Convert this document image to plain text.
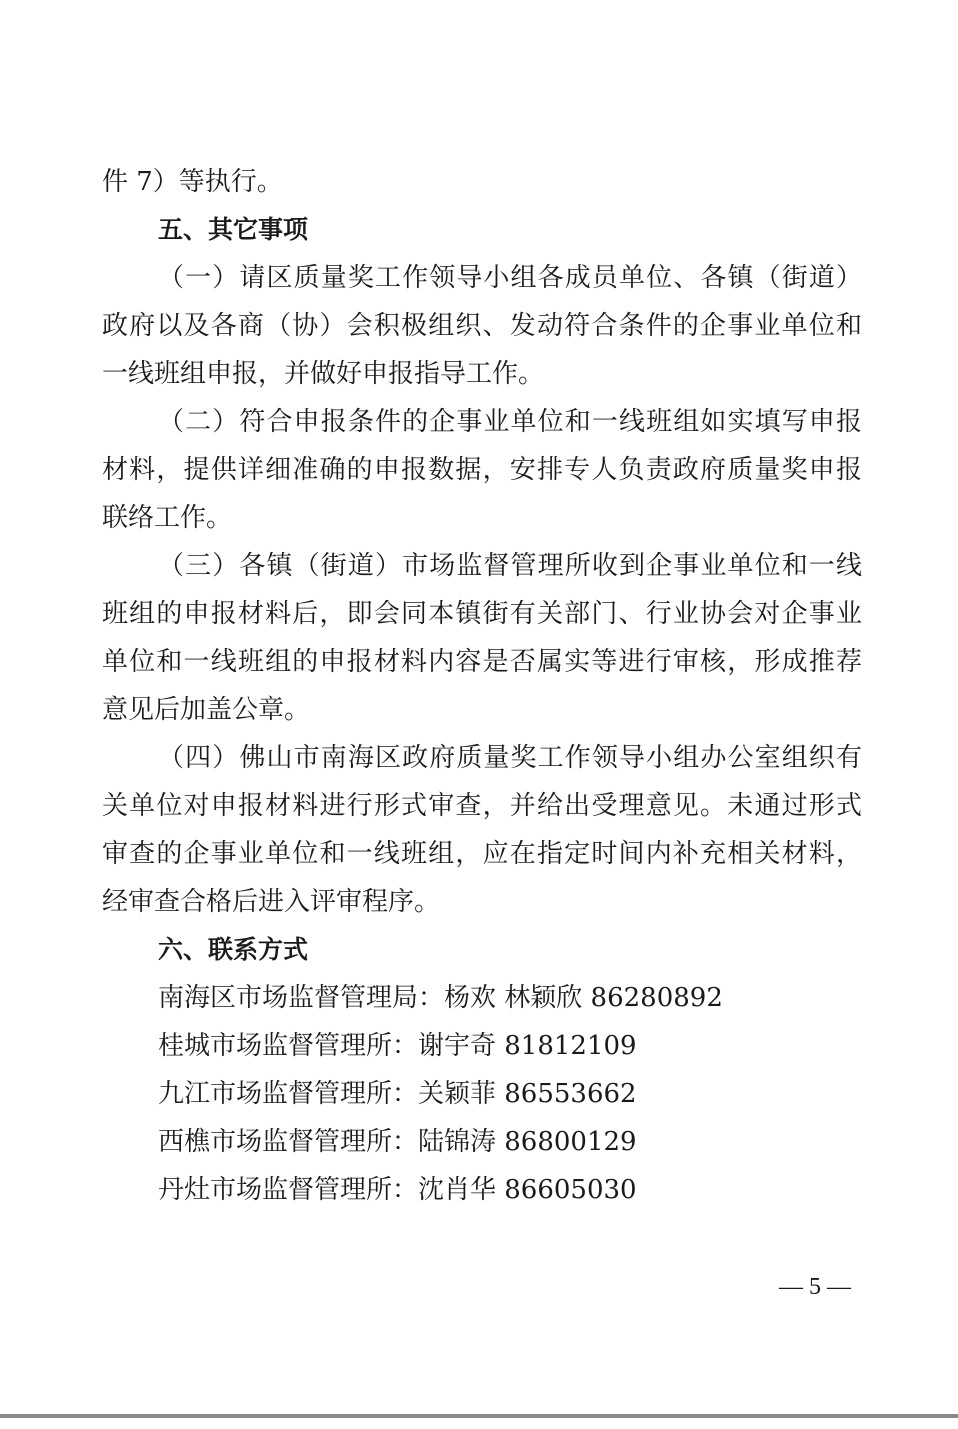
件 7）等执行。
五、其它事项
（一）请区质量奖工作领导小组各成员单位、各镇（街道）
政府以及各商（协）会积极组织、发动符合条件的企事业单位和
一线班组申报，并做好申报指导工作。
（二）符合申报条件的企事业单位和一线班组如实填写申报
材料，提供详细准确的申报数据，安排专人负责政府质量奖申报
联络工作。
（三）各镇（街道）市场监督管理所收到企事业单位和一线
班组的申报材料后，即会同本镇街有关部门、行业协会对企事业
单位和一线班组的申报材料内容是否属实等进行审核，形成推荐
意见后加盖公章。
（四）佛山市南海区政府质量奖工作领导小组办公室组织有
关单位对申报材料进行形式审查，并给出受理意见。未通过形式
审查的企事业单位和一线班组，应在指定时间内补充相关材料，
经审查合格后进入评审程序。
六、联系方式
南海区市场监督管理局：杨欢 林颖欣 86280892
桂城市场监督管理所：谢宇奇 81812109
九江市场监督管理所：关颖菲 86553662
西樵市场监督管理所：陆锦涛 86800129
丹灶市场监督管理所：沈肖华 86605030
— 5 —
